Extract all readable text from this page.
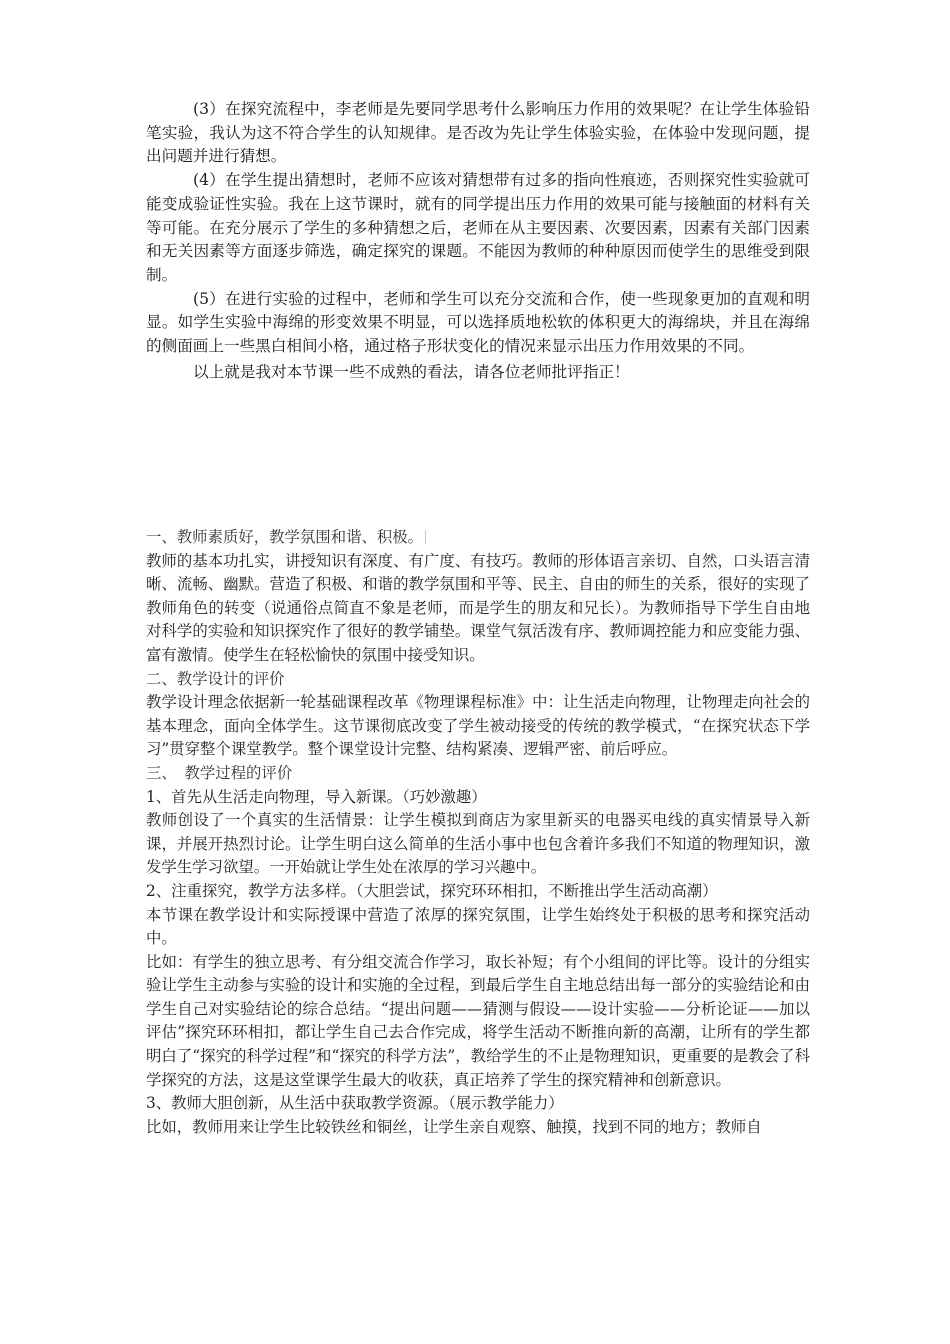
(3）在探究流程中，李老师是先要同学思考什么影响压力作用的效果呢？在让学生体验铅笔实验，我认为这不符合学生的认知规律。是否改为先让学生体验实验，在体验中发现问题，提出问题并进行猜想。

(4）在学生提出猜想时，老师不应该对猜想带有过多的指向性痕迹，否则探究性实验就可能变成验证性实验。我在上这节课时，就有的同学提出压力作用的效果可能与接触面的材料有关等可能。在充分展示了学生的多种猜想之后，老师在从主要因素、次要因素，因素有关部门因素和无关因素等方面逐步筛选，确定探究的课题。不能因为教师的种种原因而使学生的思维受到限制。

(5）在进行实验的过程中，老师和学生可以充分交流和合作，使一些现象更加的直观和明显。如学生实验中海绵的形变效果不明显，可以选择质地松软的体积更大的海绵块，并且在海绵的侧面画上一些黑白相间小格，通过格子形状变化的情况来显示出压力作用效果的不同。

以上就是我对本节课一些不成熟的看法，请各位老师批评指正！

一、教师素质好，教学氛围和谐、积极。

教师的基本功扎实，讲授知识有深度、有广度、有技巧。教师的形体语言亲切、自然，口头语言清晰、流畅、幽默。营造了积极、和谐的教学氛围和平等、民主、自由的师生的关系，很好的实现了教师角色的转变（说通俗点简直不象是老师，而是学生的朋友和兄长）。为教师指导下学生自由地对科学的实验和知识探究作了很好的教学铺垫。课堂气氛活泼有序、教师调控能力和应变能力强、富有激情。使学生在轻松愉快的氛围中接受知识。

二、教学设计的评价

教学设计理念依据新一轮基础课程改革《物理课程标准》中：让生活走向物理，让物理走向社会的基本理念，面向全体学生。这节课彻底改变了学生被动接受的传统的教学模式，“在探究状态下学习”贯穿整个课堂教学。整个课堂设计完整、结构紧凑、逻辑严密、前后呼应。

三、　教学过程的评价

1、首先从生活走向物理，导入新课。（巧妙激趣）

教师创设了一个真实的生活情景：让学生模拟到商店为家里新买的电器买电线的真实情景导入新课，并展开热烈讨论。让学生明白这么简单的生活小事中也包含着许多我们不知道的物理知识，激发学生学习欲望。一开始就让学生处在浓厚的学习兴趣中。

2、注重探究，教学方法多样。（大胆尝试，探究环环相扣，不断推出学生活动高潮）

本节课在教学设计和实际授课中营造了浓厚的探究氛围，让学生始终处于积极的思考和探究活动中。

比如：有学生的独立思考、有分组交流合作学习，取长补短；有个小组间的评比等。设计的分组实验让学生主动参与实验的设计和实施的全过程，到最后学生自主地总结出每一部分的实验结论和由学生自己对实验结论的综合总结。“提出问题——猜测与假设——设计实验——分析论证——加以评估”探究环环相扣，都让学生自己去合作完成，将学生活动不断推向新的高潮，让所有的学生都明白了“探究的科学过程”和“探究的科学方法”，教给学生的不止是物理知识，更重要的是教会了科学探究的方法，这是这堂课学生最大的收获，真正培养了学生的探究精神和创新意识。

3、教师大胆创新，从生活中获取教学资源。（展示教学能力）

比如，教师用来让学生比较铁丝和铜丝，让学生亲自观察、触摸，找到不同的地方；教师自
